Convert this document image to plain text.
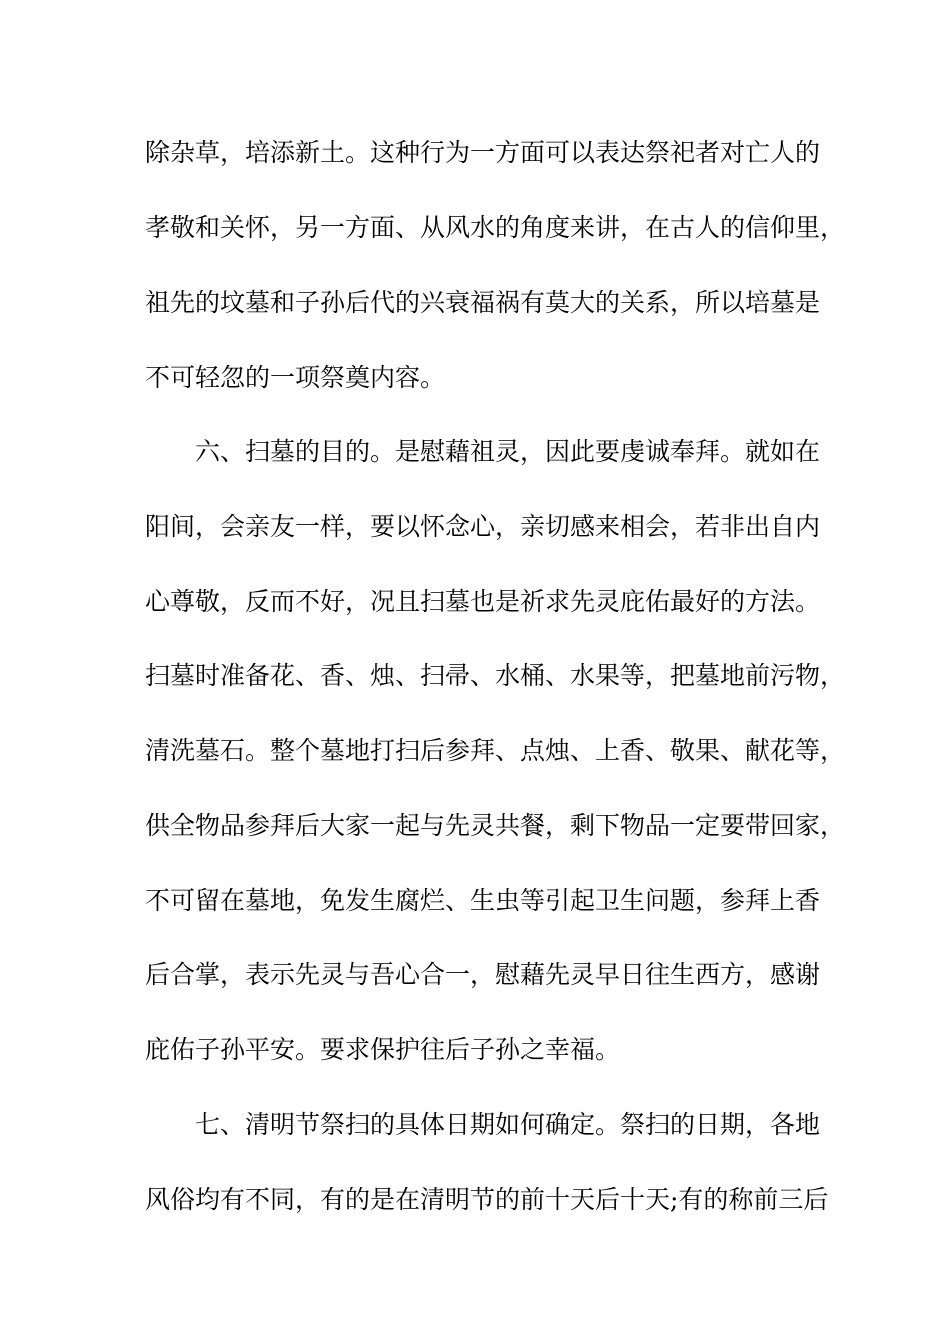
除杂草，培添新土。这种行为一方面可以表达祭祀者对亡人的
孝敬和关怀，另一方面、从风水的角度来讲，在古人的信仰里，
祖先的坟墓和子孙后代的兴衰福祸有莫大的关系，所以培墓是
不可轻忽的一项祭奠内容。
六、扫墓的目的。是慰藉祖灵，因此要虔诚奉拜。就如在
阳间，会亲友一样，要以怀念心，亲切感来相会，若非出自内
心尊敬，反而不好，况且扫墓也是祈求先灵庇佑最好的方法。
扫墓时准备花、香、烛、扫帚、水桶、水果等，把墓地前污物，
清洗墓石。整个墓地打扫后参拜、点烛、上香、敬果、献花等，
供全物品参拜后大家一起与先灵共餐，剩下物品一定要带回家，
不可留在墓地，免发生腐烂、生虫等引起卫生问题，参拜上香
后合掌，表示先灵与吾心合一，慰藉先灵早日往生西方，感谢
庇佑子孙平安。要求保护往后子孙之幸福。
七、清明节祭扫的具体日期如何确定。祭扫的日期，各地
风俗均有不同，有的是在清明节的前十天后十天;有的称前三后
